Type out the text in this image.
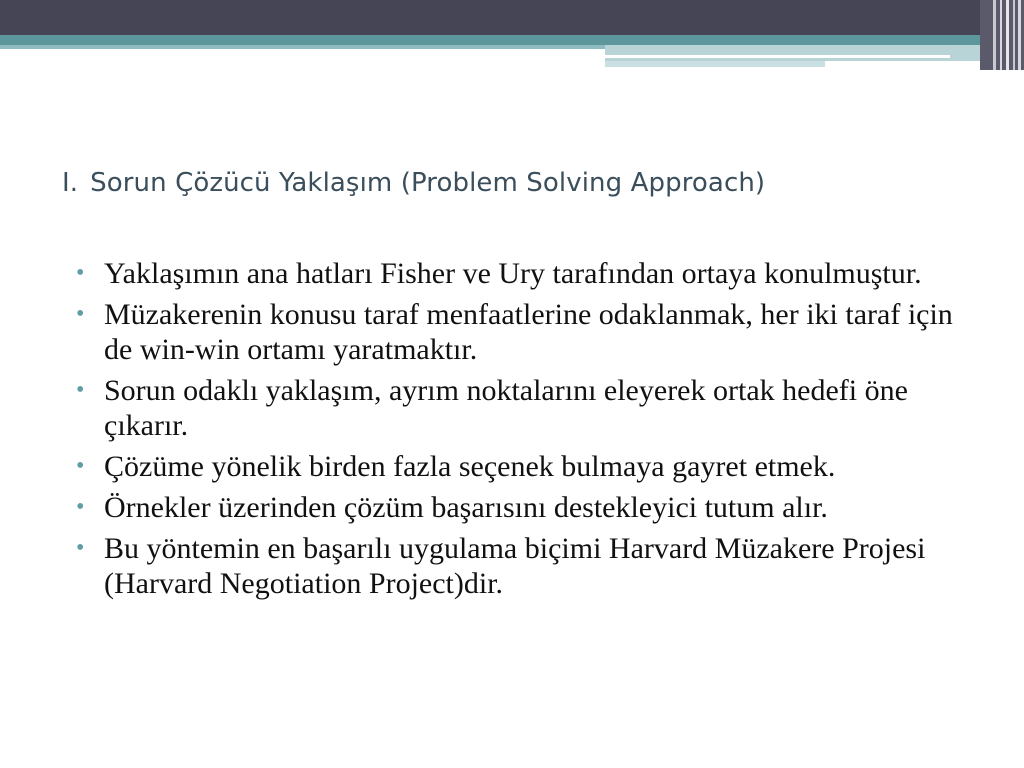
I. Sorun Çözücü Yaklaşım (Problem Solving Approach)
• Yaklaşımın ana hatları Fisher ve Ury tarafından ortaya konulmuştur.
• Müzakerenin konusu taraf menfaatlerine odaklanmak, her iki taraf için de win-win ortamı yaratmaktır.
• Sorun odaklı yaklaşım, ayrım noktalarını eleyerek ortak hedefi öne çıkarır.
• Çözüme yönelik birden fazla seçenek bulmaya gayret etmek.
• Örnekler üzerinden çözüm başarısını destekleyici tutum alır.
• Bu yöntemin en başarılı uygulama biçimi Harvard Müzakere Projesi (Harvard Negotiation Project)dir.
